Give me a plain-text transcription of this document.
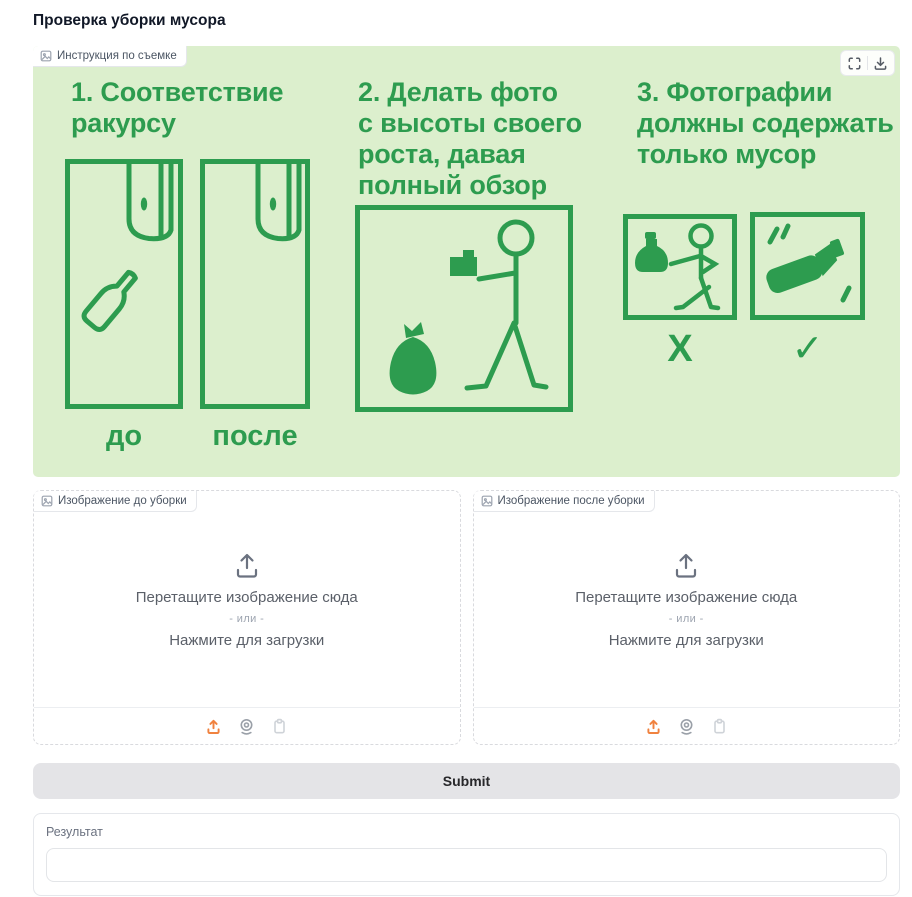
Проверка уборки мусора
Инструкция по съемке
1. Соответствие
ракурсу
до	после
2. Делать фото
с высоты своего
роста, давая
полный обзор
3. Фотографии
должны содержать
только мусор
X	✓
Изображение до уборки
Перетащите изображение сюда
- или -
Нажмите для загрузки
Изображение после уборки
Перетащите изображение сюда
- или -
Нажмите для загрузки
Submit
Результат
